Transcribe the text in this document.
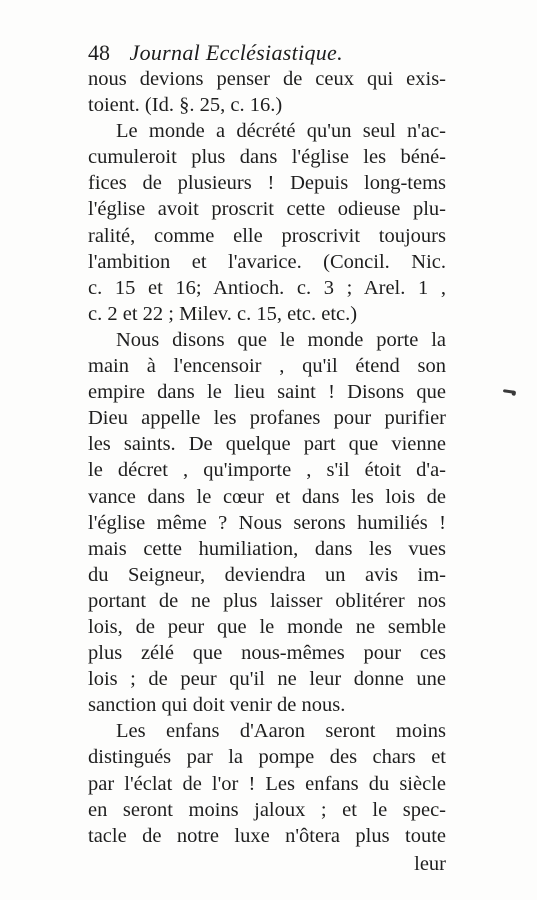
48 Journal Ecclésiastique.
nous devions penser de ceux qui exis-
toient. (Id. §. 25, c. 16.)
Le monde a décrété qu'un seul n'ac-
cumuleroit plus dans l'église les béné-
fices de plusieurs ! Depuis long-tems
l'église avoit proscrit cette odieuse plu-
ralité, comme elle proscrivit toujours
l'ambition et l'avarice. (Concil. Nic.
c. 15 et 16; Antioch. c. 3 ; Arel. 1 ,
c. 2 et 22 ; Milev. c. 15, etc. etc.)
Nous disons que le monde porte la
main à l'encensoir , qu'il étend son
empire dans le lieu saint ! Disons que
Dieu appelle les profanes pour purifier
les saints. De quelque part que vienne
le décret , qu'importe , s'il étoit d'a-
vance dans le cœur et dans les lois de
l'église même ? Nous serons humiliés !
mais cette humiliation, dans les vues
du Seigneur, deviendra un avis im-
portant de ne plus laisser oblitérer nos
lois, de peur que le monde ne semble
plus zélé que nous-mêmes pour ces
lois ; de peur qu'il ne leur donne une
sanction qui doit venir de nous.
Les enfans d'Aaron seront moins
distingués par la pompe des chars et
par l'éclat de l'or ! Les enfans du siècle
en seront moins jaloux ; et le spec-
tacle de notre luxe n'ôtera plus toute
leur
